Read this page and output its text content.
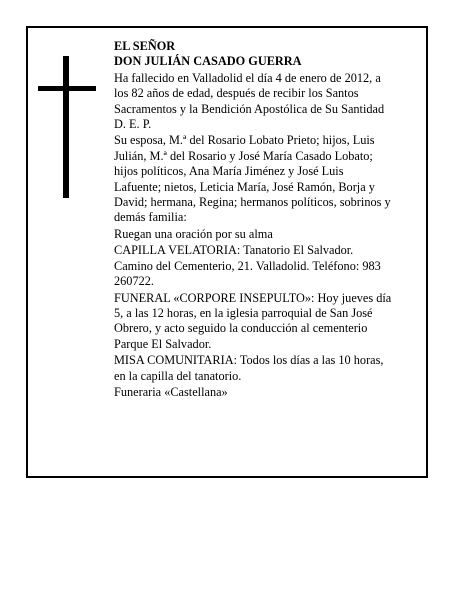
EL SEÑOR
DON JULIÁN CASADO GUERRA
Ha fallecido en Valladolid el día 4 de enero de 2012, a
los 82 años de edad, después de recibir los Santos
Sacramentos y la Bendición Apostólica de Su Santidad
D. E. P.
Su esposa, M.ª del Rosario Lobato Prieto; hijos, Luis
Julián, M.ª del Rosario y José María Casado Lobato;
hijos políticos, Ana María Jiménez y José Luis
Lafuente; nietos, Leticia María, José Ramón, Borja y
David; hermana, Regina; hermanos políticos, sobrinos y
demás familia:
Ruegan una oración por su alma
CAPILLA VELATORIA: Tanatorio El Salvador.
Camino del Cementerio, 21. Valladolid. Teléfono: 983
260722.
FUNERAL «CORPORE INSEPULTO»: Hoy jueves día
5, a las 12 horas, en la iglesia parroquial de San José
Obrero, y acto seguido la conducción al cementerio
Parque El Salvador.
MISA COMUNITARIA: Todos los días a las 10 horas,
en la capilla del tanatorio.
Funeraria «Castellana»
